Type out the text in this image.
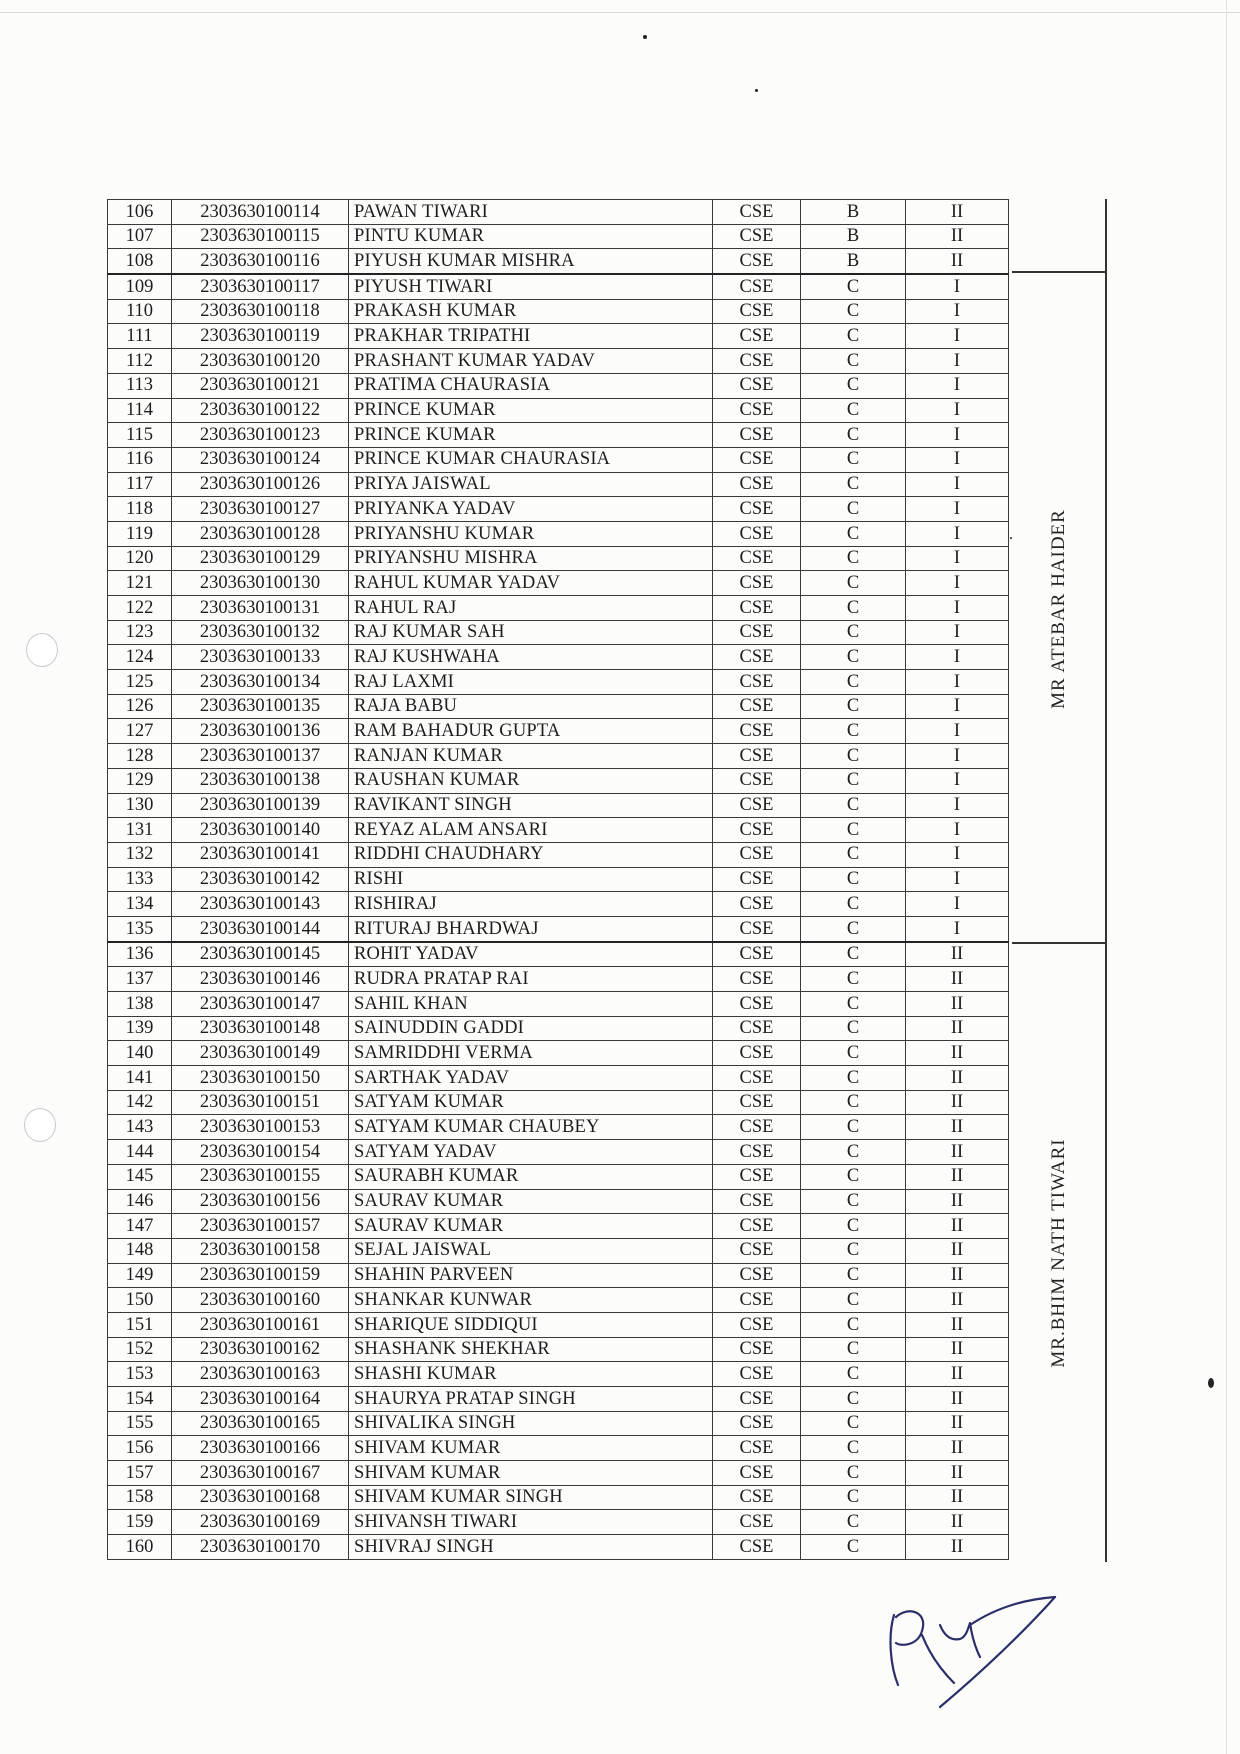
106	2303630100114	PAWAN TIWARI	CSE	B	II
107	2303630100115	PINTU KUMAR	CSE	B	II
108	2303630100116	PIYUSH KUMAR MISHRA	CSE	B	II
109	2303630100117	PIYUSH TIWARI	CSE	C	I
110	2303630100118	PRAKASH KUMAR	CSE	C	I
111	2303630100119	PRAKHAR TRIPATHI	CSE	C	I
112	2303630100120	PRASHANT KUMAR YADAV	CSE	C	I
113	2303630100121	PRATIMA CHAURASIA	CSE	C	I
114	2303630100122	PRINCE KUMAR	CSE	C	I
115	2303630100123	PRINCE KUMAR	CSE	C	I
116	2303630100124	PRINCE KUMAR CHAURASIA	CSE	C	I
117	2303630100126	PRIYA JAISWAL	CSE	C	I
118	2303630100127	PRIYANKA YADAV	CSE	C	I
119	2303630100128	PRIYANSHU KUMAR	CSE	C	I
120	2303630100129	PRIYANSHU MISHRA	CSE	C	I
121	2303630100130	RAHUL KUMAR YADAV	CSE	C	I
122	2303630100131	RAHUL RAJ	CSE	C	I
123	2303630100132	RAJ KUMAR SAH	CSE	C	I
124	2303630100133	RAJ KUSHWAHA	CSE	C	I
125	2303630100134	RAJ LAXMI	CSE	C	I
126	2303630100135	RAJA BABU	CSE	C	I
127	2303630100136	RAM BAHADUR GUPTA	CSE	C	I
128	2303630100137	RANJAN KUMAR	CSE	C	I
129	2303630100138	RAUSHAN KUMAR	CSE	C	I
130	2303630100139	RAVIKANT SINGH	CSE	C	I
131	2303630100140	REYAZ ALAM ANSARI	CSE	C	I
132	2303630100141	RIDDHI CHAUDHARY	CSE	C	I
133	2303630100142	RISHI	CSE	C	I
134	2303630100143	RISHIRAJ	CSE	C	I
135	2303630100144	RITURAJ BHARDWAJ	CSE	C	I
136	2303630100145	ROHIT YADAV	CSE	C	II
137	2303630100146	RUDRA PRATAP RAI	CSE	C	II
138	2303630100147	SAHIL KHAN	CSE	C	II
139	2303630100148	SAINUDDIN GADDI	CSE	C	II
140	2303630100149	SAMRIDDHI VERMA	CSE	C	II
141	2303630100150	SARTHAK YADAV	CSE	C	II
142	2303630100151	SATYAM KUMAR	CSE	C	II
143	2303630100153	SATYAM KUMAR CHAUBEY	CSE	C	II
144	2303630100154	SATYAM YADAV	CSE	C	II
145	2303630100155	SAURABH KUMAR	CSE	C	II
146	2303630100156	SAURAV KUMAR	CSE	C	II
147	2303630100157	SAURAV KUMAR	CSE	C	II
148	2303630100158	SEJAL JAISWAL	CSE	C	II
149	2303630100159	SHAHIN PARVEEN	CSE	C	II
150	2303630100160	SHANKAR KUNWAR	CSE	C	II
151	2303630100161	SHARIQUE SIDDIQUI	CSE	C	II
152	2303630100162	SHASHANK SHEKHAR	CSE	C	II
153	2303630100163	SHASHI KUMAR	CSE	C	II
154	2303630100164	SHAURYA PRATAP SINGH	CSE	C	II
155	2303630100165	SHIVALIKA SINGH	CSE	C	II
156	2303630100166	SHIVAM KUMAR	CSE	C	II
157	2303630100167	SHIVAM KUMAR	CSE	C	II
158	2303630100168	SHIVAM KUMAR SINGH	CSE	C	II
159	2303630100169	SHIVANSH TIWARI	CSE	C	II
160	2303630100170	SHIVRAJ SINGH	CSE	C	II
MR ATEBAR HAIDER
MR.BHIM NATH TIWARI
